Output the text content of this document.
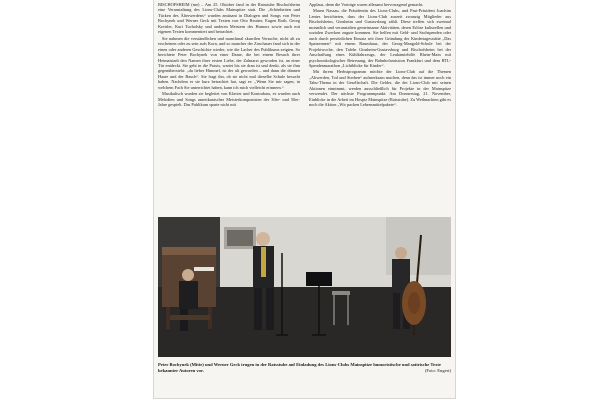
BISCHOFSHEIM (me) – Am 25. Oktober fand in der Ratsstube Bischofsheim eine Veranstaltung des Lions-Clubs Mainspitze statt. Die „Schönheiten und Tücken des Älterwerdens“ wurden amüsant in Dialogen und Songs von Peter Bochynek und Werner Geck mit Texten von Otto Reutter, Eugen Roth, Georg Kreisler, Kurt Tucholsky und anderen Meistern des Humors sowie auch mit eigenen Texten kommentiert und betrachtet.

Sie nahmen die verständlichen und manchmal skurrilen Versuche, nicht alt zu erscheinen oder zu sein aufs Korn, und so mancher der Zuschauer fand sich in der einen oder anderen Geschichte wieder, wie die Lacher des Publikums zeigten. So berichtete Peter Bochynek von einer Dame, die bei einem Besuch ihrer Heimatstadt den Namen ihrer ersten Liebe, der Zahnarzt geworden ist, an einer Tür entdeckt. Sie geht in die Praxis, wartet bis sie dran ist und denkt, als sie ihm gegenübersteht: „du lieber Himmel, ist der alt geworden – und dann die dünnen Haare und der Bauch“. Sie fragt ihn, ob sie nicht mal dieselbe Schule besucht haben. Nachdem er sie kurz betrachtet hat, sagt er: „Wenn Sie mir sagen, in welchem Fach Sie unterrichtet haben, kann ich mich vielleicht erinnern.“

Musikalisch wurden sie begleitet von Klavier und Kontrabass, es wurden auch Melodien und Songs amerikanischer Meisterkomponisten der 30er- und 50er-Jahre gespielt. Das Publikum sparte nicht mit

Applaus, denn die Vorträge waren allesamt hervorragend gemacht.

Maren Nassau, die Präsidentin des Lions-Clubs, und Past-Präsident Joachim Lentes berichteten, dass der Lions-Club zurzeit zwanzig Mitglieder aus Bischofsheim, Ginsheim und Gustavsburg zählt. Diese treffen sich zweimal monatlich und veranstalten gemeinsame Aktivitäten, deren Erlöse kulturellen und sozialen Zwecken zugute kommen. Sie helfen mit Geld- und Sachspenden oder auch durch persönlichen Einsatz seit ihrer Gründung der Kindertagesstätte „Das Spatzennest“ mit einem Baumhaus, der Georg-Mangold-Schule bei der Projektwoche, den Tafeln Ginsheim-Gustavsburg und Bischofsheim bei der Anschaffung eines Kühlfahrzeugs, der Leukämiehilfe Rhein-Main mit psychoonkologischer Betreuung, der Bahnhofsmission Frankfurt und dem RTL-Spendenmarathon „Lichtblicke für Kinder“.

Mit ihrem Herbstprogramm möchte der Lions-Club auf die Themen „Altwerden, Tod und Sterben“ aufmerksam machen, denn das ist immer noch ein Tabu-Thema in der Gesellschaft. Die Gelder, die der Lions-Club mit seinen Aktionen einnimmt, werden ausschließlich für Projekte in der Mainspitze verwendet. Der nächste Programmpunkt: Am Donnerstag, 21. November, Einblicke in die Arbeit im Hospiz Mainspitze (Ratsstube). Zu Weihnachten gibt es noch die Aktion „Wir packen Lebensmittelpakete“.

Peter Bochynek (Mitte) und Werner Geck trugen in der Ratsstube auf Einladung des Lions-Clubs Mainspitze humoristische und satirische Texte bekannter Autoren vor.	(Foto: Engert)
